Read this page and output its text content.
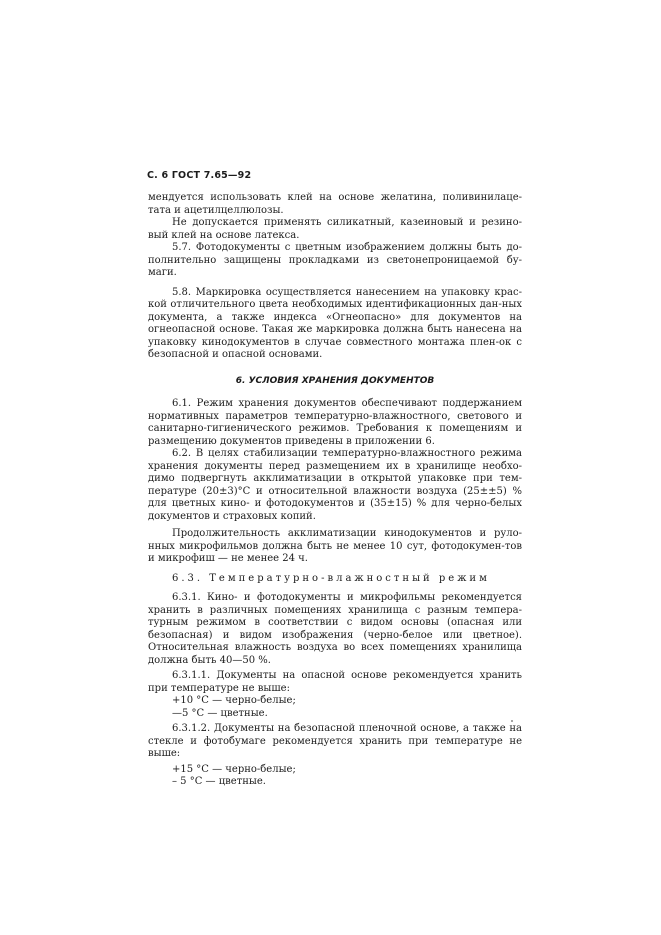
С. 6 ГОСТ 7.65—92

мендуется использовать клей на основе желатина, поливинилаце-тата и ацетилцеллюлозы.

Не допускается применять силикатный, казеиновый и резино-вый клей на основе латекса.

5.7. Фотодокументы с цветным изображением должны быть до-полнительно защищены прокладками из светонепроницаемой бу-маги.

5.8. Маркировка осуществляется нанесением на упаковку крас-кой отличительного цвета необходимых идентификационных дан-ных документа, а также индекса «Огнеопасно» для документов на огнеопасной основе. Такая же маркировка должна быть нанесена на упаковку кинодокументов в случае совместного монтажа плен-ок с безопасной и опасной основами.

6. УСЛОВИЯ ХРАНЕНИЯ ДОКУМЕНТОВ

6.1. Режим хранения документов обеспечивают поддержанием нормативных параметров температурно-влажностного, светового и санитарно-гигиенического режимов. Требования к помещениям и размещению документов приведены в приложении 6.

6.2. В целях стабилизации температурно-влажностного режима хранения документы перед размещением их в хранилище необхо-димо подвергнуть акклиматизации в открытой упаковке при тем-пературе (20±3)°С и относительной влажности воздуха (25±±5) % для цветных кино- и фотодокументов и (35±15) % для черно-белых документов и страховых копий.

Продолжительность акклиматизации кинодокументов и руло-нных микрофильмов должна быть не менее 10 сут, фотодокумен-тов и микрофиш — не менее 24 ч.

6.3. Температурно-влажностный режим

6.3.1. Кино- и фотодокументы и микрофильмы рекомендуется хранить в различных помещениях хранилища с разным темпера-турным режимом в соответствии с видом основы (опасная или безопасная) и видом изображения (черно-белое или цветное). Относительная влажность воздуха во всех помещениях хранилища должна быть 40—50 %.

6.3.1.1. Документы на опасной основе рекомендуется хранить при температуре не выше:

+10 °С — черно-белые;

—5 °С — цветные.

6.3.1.2. Документы на безопасной пленочной основе, а также на стекле и фотобумаге рекомендуется хранить при температуре не выше:

+15 °С — черно-белые;

– 5 °С — цветные.
